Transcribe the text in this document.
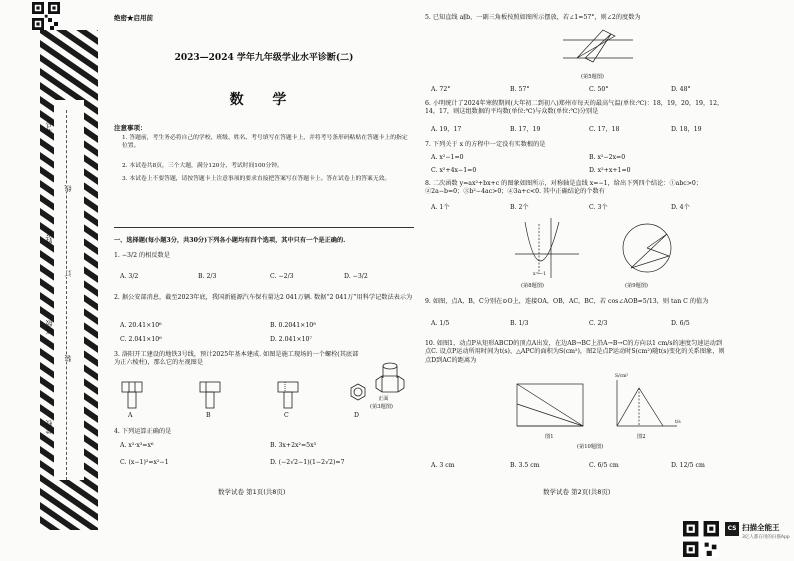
考号
姓名
班级
学校
线
订
装
绝密★启用前
2023—2024 学年九年级学业水平诊断(二)
数 学
注意事项：
1. 答题前，考生务必将自己的学校、班级、姓名、考号填写在答题卡上，并将考号条形码粘贴在答题卡上的指定位置。
2. 本试卷共8页，三个大题，满分120分，考试时间100分钟。
3. 本试卷上不要答题，请按答题卡上注意事项的要求直接把答案写在答题卡上。答在试卷上的答案无效。
一、选择题(每小题3分，共30分)下列各小题均有四个选项，其中只有一个是正确的.
1. −3/2 的相反数是
A. 3/2	B. 2/3	C. −2/3	D. −3/2
2. 据公安部消息，截至2023年底，我国新能源汽车保有量达2 041万辆. 数据“2 041万”用科学记数法表示为
A. 20.41×10⁶	B. 0.2041×10⁸
C. 2.041×10⁶	D. 2.041×10⁷
3. 洛阳开工建设的地铁3号线，预计2025年基本建成. 如图是施工现场的一个螺栓(其底部为正六棱柱)，那么它的左视图是
A	B	C	D
正面
(第3题图)
4. 下列运算正确的是
A. x²·x³=x⁶	B. 3x+2x²=5x³
C. (x−1)²=x²−1	D. (−2√2−1)(1−2√2)=7
数学试卷 第1页(共8页)
5. 已知直线 a∥b，一副三角板按照如图所示摆放，若∠1=57°，则∠2的度数为
(第5题图)
A. 72°	B. 57°	C. 50°	D. 48°
6. 小明统计了2024年寒假期间(大年初二到初八)郑州市每天的最高气温(单位:℃)：18，19，20，19，12，14，17，则这组数据的平均数(单位:℃)与众数(单位:℃)分别是
A. 19，17	B. 17，19	C. 17，18	D. 18，19
7. 下列关于 x 的方程中一定没有实数根的是
A. x²−1=0	B. x²−2x=0
C. x²+4x−1=0	D. x²+x+1=0
8. 二次函数 y=ax²+bx+c 的图象如图所示，对称轴是直线 x=−1，给出下列四个结论：①abc>0；②2a−b=0；③b²−4ac>0；④3a+c<0. 其中正确结论的个数有
A. 1个	B. 2个	C. 3个	D. 4个
x=−1
(第8题图)	(第9题图)
9. 如图，点A，B，C分别在⊙O上，连接OA，OB，AC，BC，若 cos∠AOB=5/13，则 tan C 的值为
A. 1/5	B. 1/3	C. 2/3	D. 6/5
10. 如图1，动点P从矩形ABCD的顶点A出发，在边AB→BC上沿A→B→C的方向以1 cm/s的速度匀速运动到点C. 设点P运动所用时间为t(s)，△APC的面积为S(cm²)，图2是点P运动时S(cm²)随t(s)变化的关系图象，则点D到AC的距离为
图1
S/cm²
t/s
图2
(第10题图)
A. 3 cm	B. 3.5 cm	C. 6/5 cm	D. 12/5 cm
数学试卷 第2页(共8页)
CS 扫描全能王
3亿人都在用的扫描App
